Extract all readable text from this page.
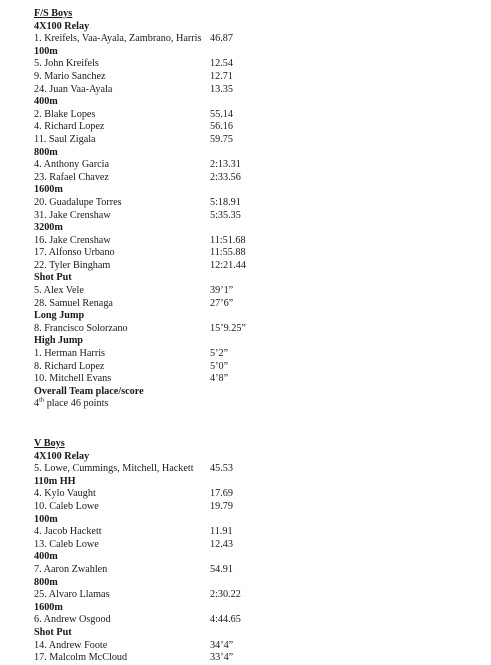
F/S Boys
4X100 Relay
1. Kreifels, Vaa-Ayala, Zambrano, Harris 46.87
100m
5. John Kreifels	12.54
9. Mario Sanchez	12.71
24. Juan Vaa-Ayala	13.35
400m
2. Blake Lopes	55.14
4. Richard Lopez	56.16
11. Saul Zigala	59.75
800m
4. Anthony Garcia	2:13.31
23. Rafael Chavez	2:33.56
1600m
20. Guadalupe Torres	5:18.91
31. Jake Crenshaw	5:35.35
3200m
16. Jake Crenshaw	11:51.68
17. Alfonso Urbano	11:55.88
22. Tyler Bingham	12:21.44
Shot Put
5. Alex Vele	39’1”
28. Samuel Renaga	27’6”
Long Jump
8. Francisco Solorzano	15’9.25”
High Jump
1. Herman Harris	5’2”
8. Richard Lopez	5’0”
10. Mitchell Evans	4’8”
Overall Team place/score
4th place 46 points
V Boys
4X100 Relay
5. Lowe, Cummings, Mitchell, Hackett 45.53
110m HH
4. Kylo Vaught	17.69
10. Caleb Lowe	19.79
100m
4. Jacob Hackett	11.91
13. Caleb Lowe	12.43
400m
7. Aaron Zwahlen	54.91
800m
25. Alvaro Llamas	2:30.22
1600m
6. Andrew Osgood	4:44.65
Shot Put
14. Andrew Foote	34’4”
17. Malcolm McCloud	33’4”
